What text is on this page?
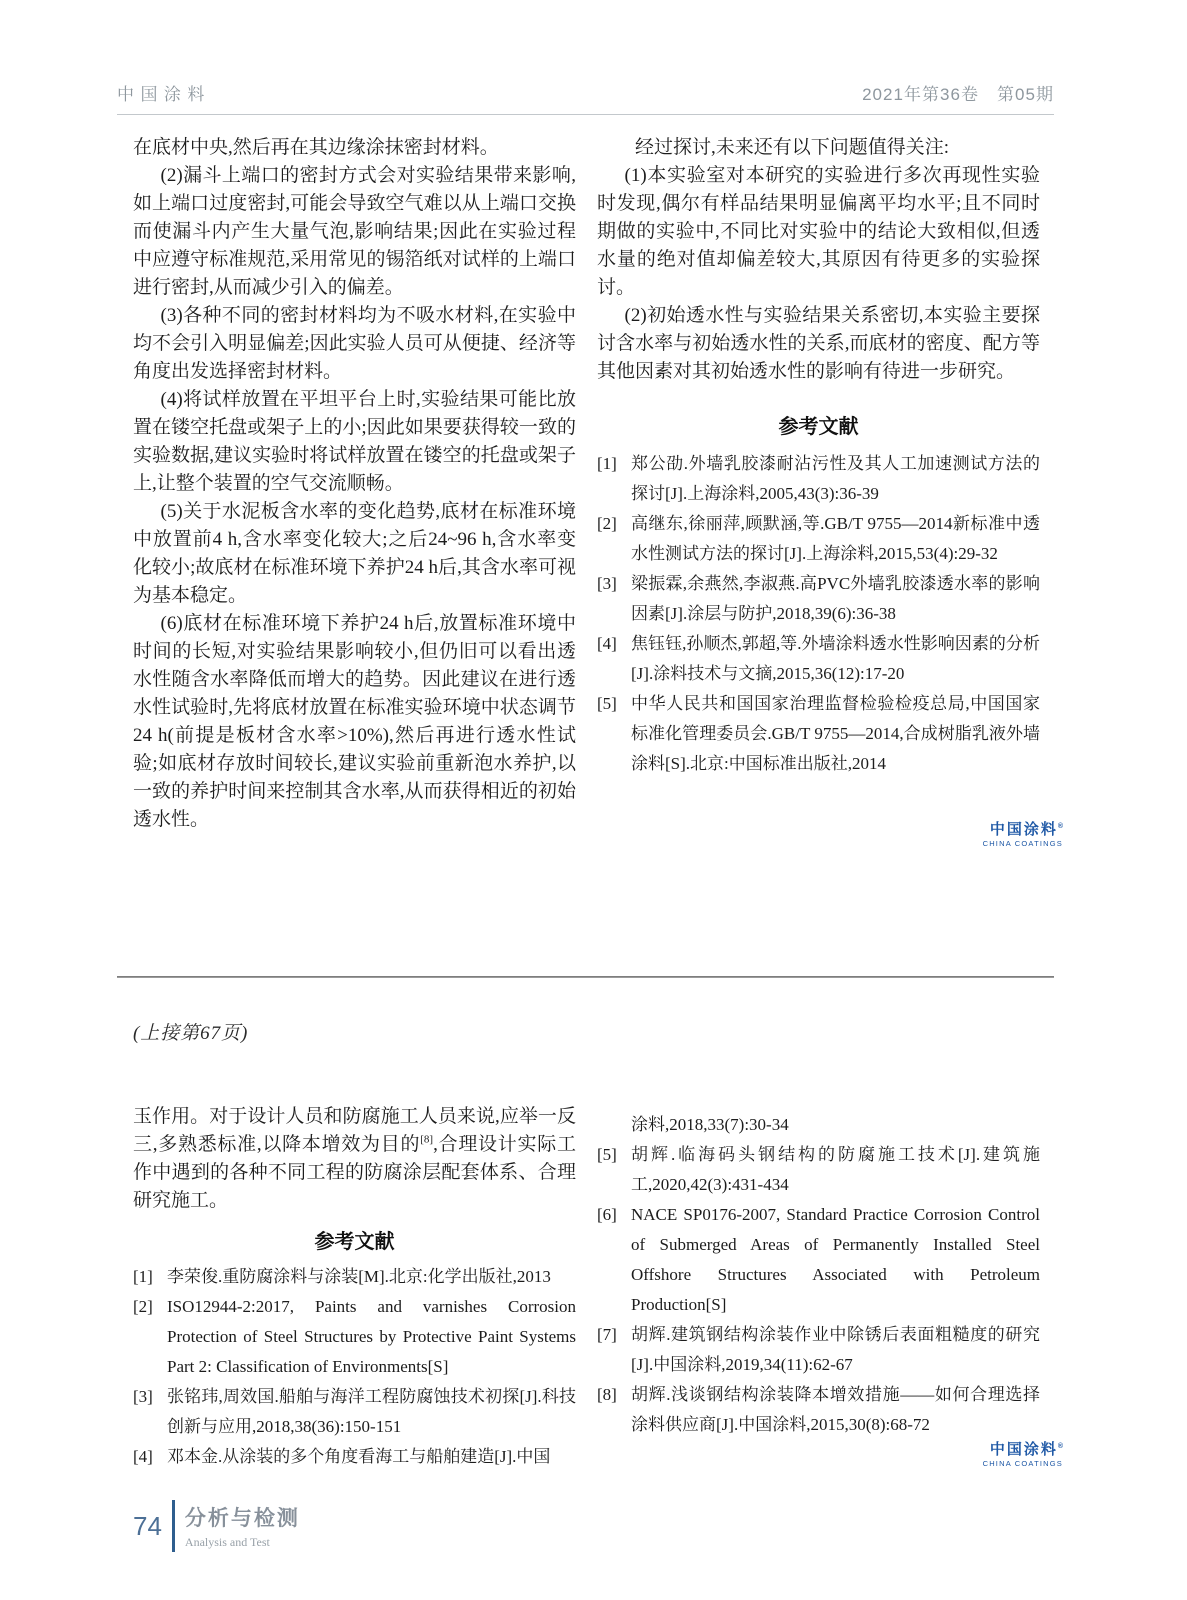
中国涂料	2021年第36卷　第05期

在底材中央,然后再在其边缘涂抹密封材料。

(2)漏斗上端口的密封方式会对实验结果带来影响,如上端口过度密封,可能会导致空气难以从上端口交换而使漏斗内产生大量气泡,影响结果;因此在实验过程中应遵守标准规范,采用常见的锡箔纸对试样的上端口进行密封,从而减少引入的偏差。

(3)各种不同的密封材料均为不吸水材料,在实验中均不会引入明显偏差;因此实验人员可从便捷、经济等角度出发选择密封材料。

(4)将试样放置在平坦平台上时,实验结果可能比放置在镂空托盘或架子上的小;因此如果要获得较一致的实验数据,建议实验时将试样放置在镂空的托盘或架子上,让整个装置的空气交流顺畅。

(5)关于水泥板含水率的变化趋势,底材在标准环境中放置前4 h,含水率变化较大;之后24~96 h,含水率变化较小;故底材在标准环境下养护24 h后,其含水率可视为基本稳定。

(6)底材在标准环境下养护24 h后,放置标准环境中时间的长短,对实验结果影响较小,但仍旧可以看出透水性随含水率降低而增大的趋势。因此建议在进行透水性试验时,先将底材放置在标准实验环境中状态调节24 h(前提是板材含水率>10%),然后再进行透水性试验;如底材存放时间较长,建议实验前重新泡水养护,以一致的养护时间来控制其含水率,从而获得相近的初始透水性。

经过探讨,未来还有以下问题值得关注:

(1)本实验室对本研究的实验进行多次再现性实验时发现,偶尔有样品结果明显偏离平均水平;且不同时期做的实验中,不同比对实验中的结论大致相似,但透水量的绝对值却偏差较大,其原因有待更多的实验探讨。

(2)初始透水性与实验结果关系密切,本实验主要探讨含水率与初始透水性的关系,而底材的密度、配方等其他因素对其初始透水性的影响有待进一步研究。

参考文献
[1] 郑公劭.外墙乳胶漆耐沾污性及其人工加速测试方法的探讨[J].上海涂料,2005,43(3):36-39
[2] 高继东,徐丽萍,顾默涵,等.GB/T 9755—2014新标准中透水性测试方法的探讨[J].上海涂料,2015,53(4):29-32
[3] 梁振霖,余燕然,李淑燕.高PVC外墙乳胶漆透水率的影响因素[J].涂层与防护,2018,39(6):36-38
[4] 焦钰钰,孙顺杰,郭超,等.外墙涂料透水性影响因素的分析[J].涂料技术与文摘,2015,36(12):17-20
[5] 中华人民共和国国家治理监督检验检疫总局,中国国家标准化管理委员会.GB/T 9755—2014,合成树脂乳液外墙涂料[S].北京:中国标准出版社,2014
中国涂料®
CHINA COATINGS
(上接第67页)

玉作用。对于设计人员和防腐施工人员来说,应举一反三,多熟悉标准,以降本增效为目的[8],合理设计实际工作中遇到的各种不同工程的防腐涂层配套体系、合理研究施工。

参考文献
[1] 李荣俊.重防腐涂料与涂装[M].北京:化学出版社,2013
[2] ISO12944-2:2017, Paints and varnishes Corrosion Protection of Steel Structures by Protective Paint Systems Part 2: Classification of Environments[S]
[3] 张铭玮,周效国.船舶与海洋工程防腐蚀技术初探[J].科技创新与应用,2018,38(36):150-151
[4] 邓本金.从涂装的多个角度看海工与船舶建造[J].中国
涂料,2018,33(7):30-34
[5] 胡辉.临海码头钢结构的防腐施工技术[J].建筑施工,2020,42(3):431-434
[6] NACE SP0176-2007, Standard Practice Corrosion Control of Submerged Areas of Permanently Installed Steel Offshore Structures Associated with Petroleum Production[S]
[7] 胡辉.建筑钢结构涂装作业中除锈后表面粗糙度的研究[J].中国涂料,2019,34(11):62-67
[8] 胡辉.浅谈钢结构涂装降本增效措施——如何合理选择涂料供应商[J].中国涂料,2015,30(8):68-72
中国涂料®
CHINA COATINGS
74 分析与检测
Analysis and Test
